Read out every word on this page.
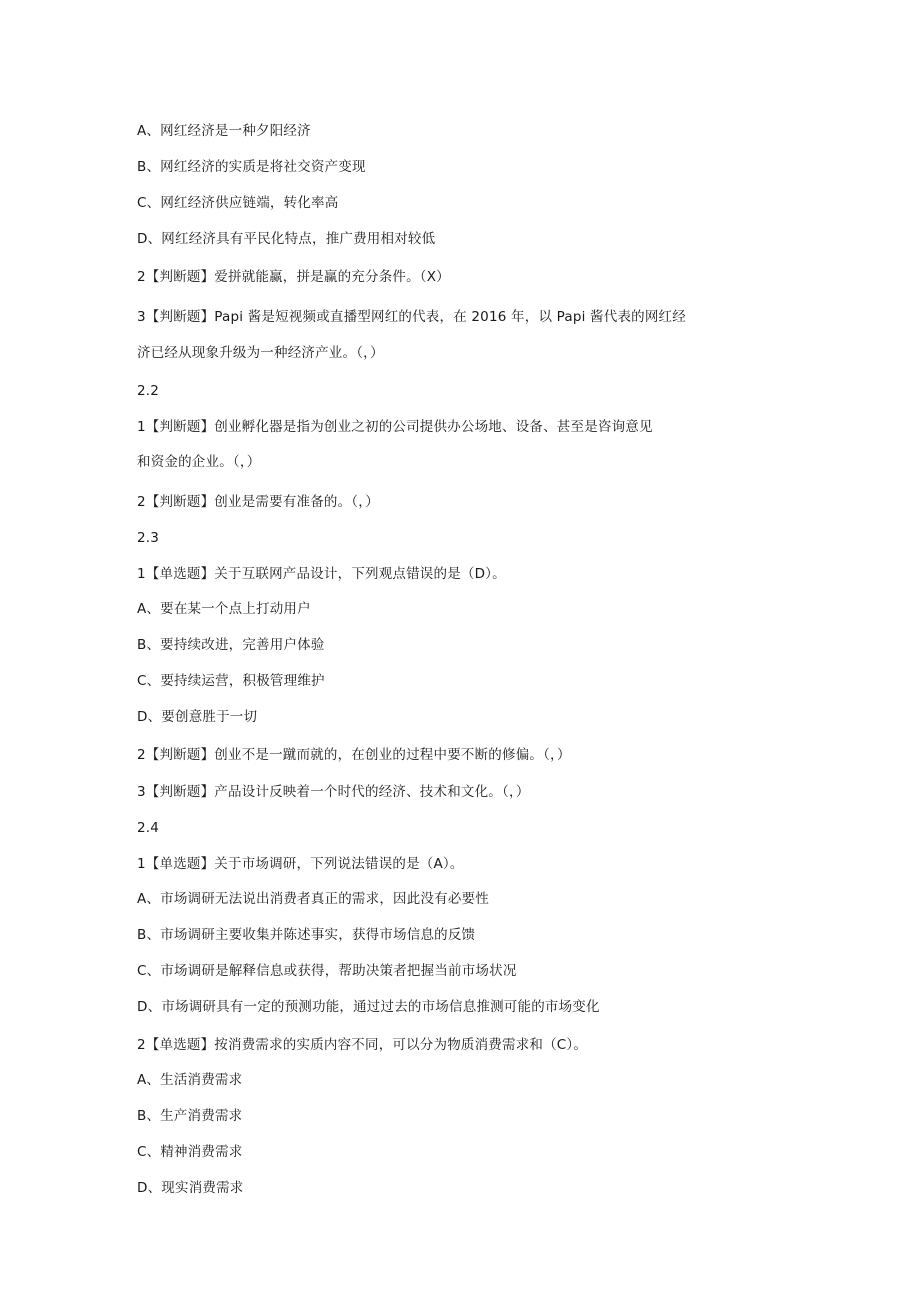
A、网红经济是一种夕阳经济
B、网红经济的实质是将社交资产变现
C、网红经济供应链端，转化率高
D、网红经济具有平民化特点，推广费用相对较低
2【判断题】爱拼就能赢，拼是赢的充分条件。（X）
3【判断题】Papi 酱是短视频或直播型网红的代表，在 2016 年，以 Papi 酱代表的网红经
济已经从现象升级为一种经济产业。（，）
2.2
1【判断题】创业孵化器是指为创业之初的公司提供办公场地、设备、甚至是咨询意见
和资金的企业。（，）
2【判断题】创业是需要有准备的。（，）
2.3
1【单选题】关于互联网产品设计，下列观点错误的是（D）。
A、要在某一个点上打动用户
B、要持续改进，完善用户体验
C、要持续运营，积极管理维护
D、要创意胜于一切
2【判断题】创业不是一蹴而就的，在创业的过程中要不断的修偏。（，）
3【判断题】产品设计反映着一个时代的经济、技术和文化。（，）
2.4
1【单选题】关于市场调研，下列说法错误的是（A）。
A、市场调研无法说出消费者真正的需求，因此没有必要性
B、市场调研主要收集并陈述事实，获得市场信息的反馈
C、市场调研是解释信息或获得，帮助决策者把握当前市场状况
D、市场调研具有一定的预测功能，通过过去的市场信息推测可能的市场变化
2【单选题】按消费需求的实质内容不同，可以分为物质消费需求和（C）。
A、生活消费需求
B、生产消费需求
C、精神消费需求
D、现实消费需求
